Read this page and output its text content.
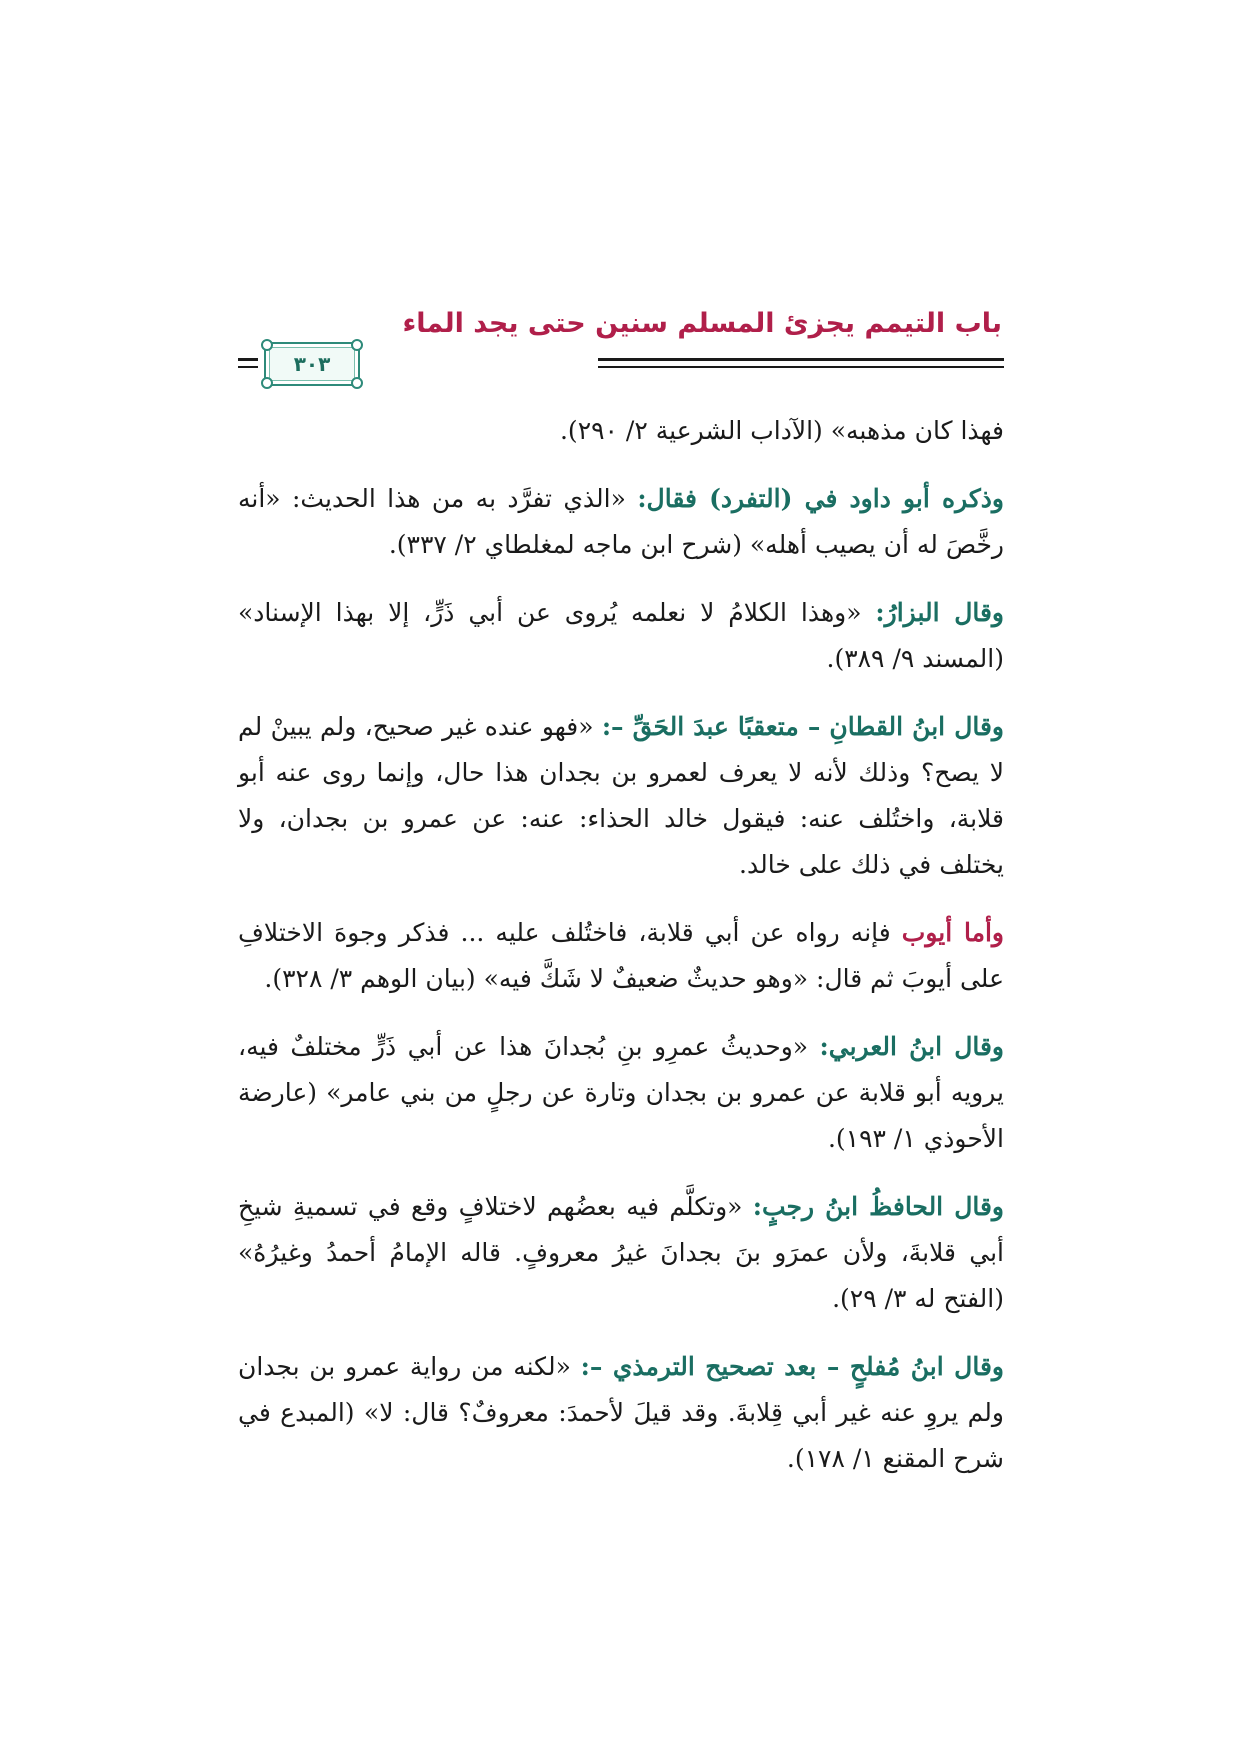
باب التيمم يجزئ المسلم سنين حتى يجد الماء
٣٠٣

فهذا كان مذهبه» (الآداب الشرعية ٢/ ٢٩٠).

وذكره أبو داود في (التفرد) فقال: «الذي تفرَّد به من هذا الحديث: «أنه رخَّصَ له أن يصيب أهله» (شرح ابن ماجه لمغلطاي ٢/ ٣٣٧).

وقال البزارُ: «وهذا الكلامُ لا نعلمه يُروى عن أبي ذَرٍّ، إلا بهذا الإسناد» (المسند ٩/ ٣٨٩).

وقال ابنُ القطانِ – متعقبًا عبدَ الحَقِّ –: «فهو عنده غير صحيح، ولم يبينْ لم لا يصح؟ وذلك لأنه لا يعرف لعمرو بن بجدان هذا حال، وإنما روى عنه أبو قلابة، واختُلف عنه: فيقول خالد الحذاء: عنه: عن عمرو بن بجدان، ولا يختلف في ذلك على خالد.

وأما أيوب فإنه رواه عن أبي قلابة، فاختُلف عليه ... فذكر وجوهَ الاختلافِ على أيوبَ ثم قال: «وهو حديثٌ ضعيفٌ لا شَكَّ فيه» (بيان الوهم ٣/ ٣٢٨).

وقال ابنُ العربي: «وحديثُ عمرِو بنِ بُجدانَ هذا عن أبي ذَرٍّ مختلفٌ فيه، يرويه أبو قلابة عن عمرو بن بجدان وتارة عن رجلٍ من بني عامر» (عارضة الأحوذي ١/ ١٩٣).

وقال الحافظُ ابنُ رجبٍ: «وتكلَّم فيه بعضُهم لاختلافٍ وقع في تسميةِ شيخِ أبي قلابةَ، ولأن عمرَو بنَ بجدانَ غيرُ معروفٍ. قاله الإمامُ أحمدُ وغيرُهُ» (الفتح له ٣/ ٢٩).

وقال ابنُ مُفلحٍ – بعد تصحيح الترمذي –: «لكنه من رواية عمرو بن بجدان ولم يروِ عنه غير أبي قِلابةَ. وقد قيلَ لأحمدَ: معروفٌ؟ قال: لا» (المبدع في شرح المقنع ١/ ١٧٨).
